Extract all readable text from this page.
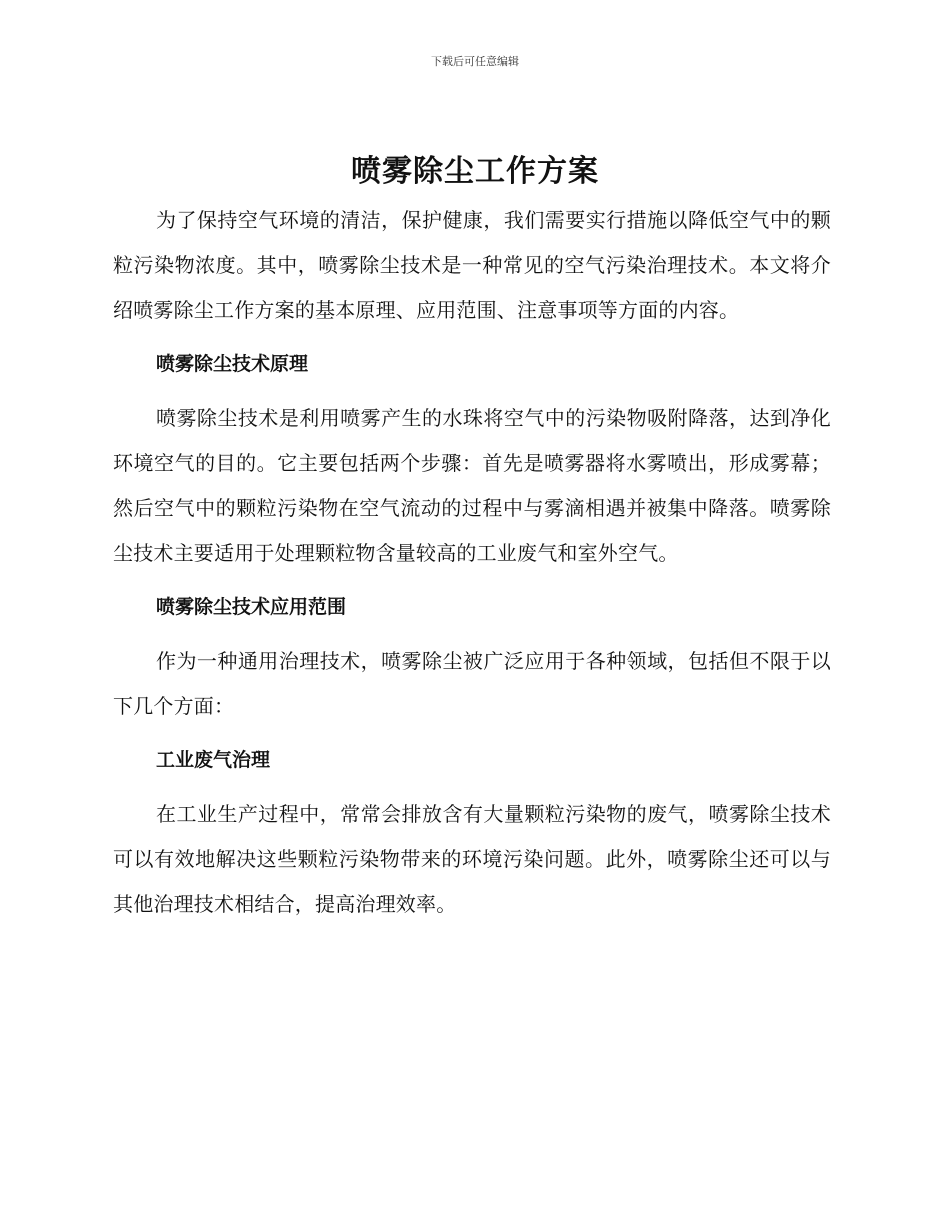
下载后可任意编辑
喷雾除尘工作方案

为了保持空气环境的清洁，保护健康，我们需要实行措施以降低空气中的颗粒污染物浓度。其中，喷雾除尘技术是一种常见的空气污染治理技术。本文将介绍喷雾除尘工作方案的基本原理、应用范围、注意事项等方面的内容。

喷雾除尘技术原理

喷雾除尘技术是利用喷雾产生的水珠将空气中的污染物吸附降落，达到净化环境空气的目的。它主要包括两个步骤：首先是喷雾器将水雾喷出，形成雾幕；然后空气中的颗粒污染物在空气流动的过程中与雾滴相遇并被集中降落。喷雾除尘技术主要适用于处理颗粒物含量较高的工业废气和室外空气。

喷雾除尘技术应用范围

作为一种通用治理技术，喷雾除尘被广泛应用于各种领域，包括但不限于以下几个方面：

工业废气治理

在工业生产过程中，常常会排放含有大量颗粒污染物的废气，喷雾除尘技术可以有效地解决这些颗粒污染物带来的环境污染问题。此外，喷雾除尘还可以与其他治理技术相结合，提高治理效率。
